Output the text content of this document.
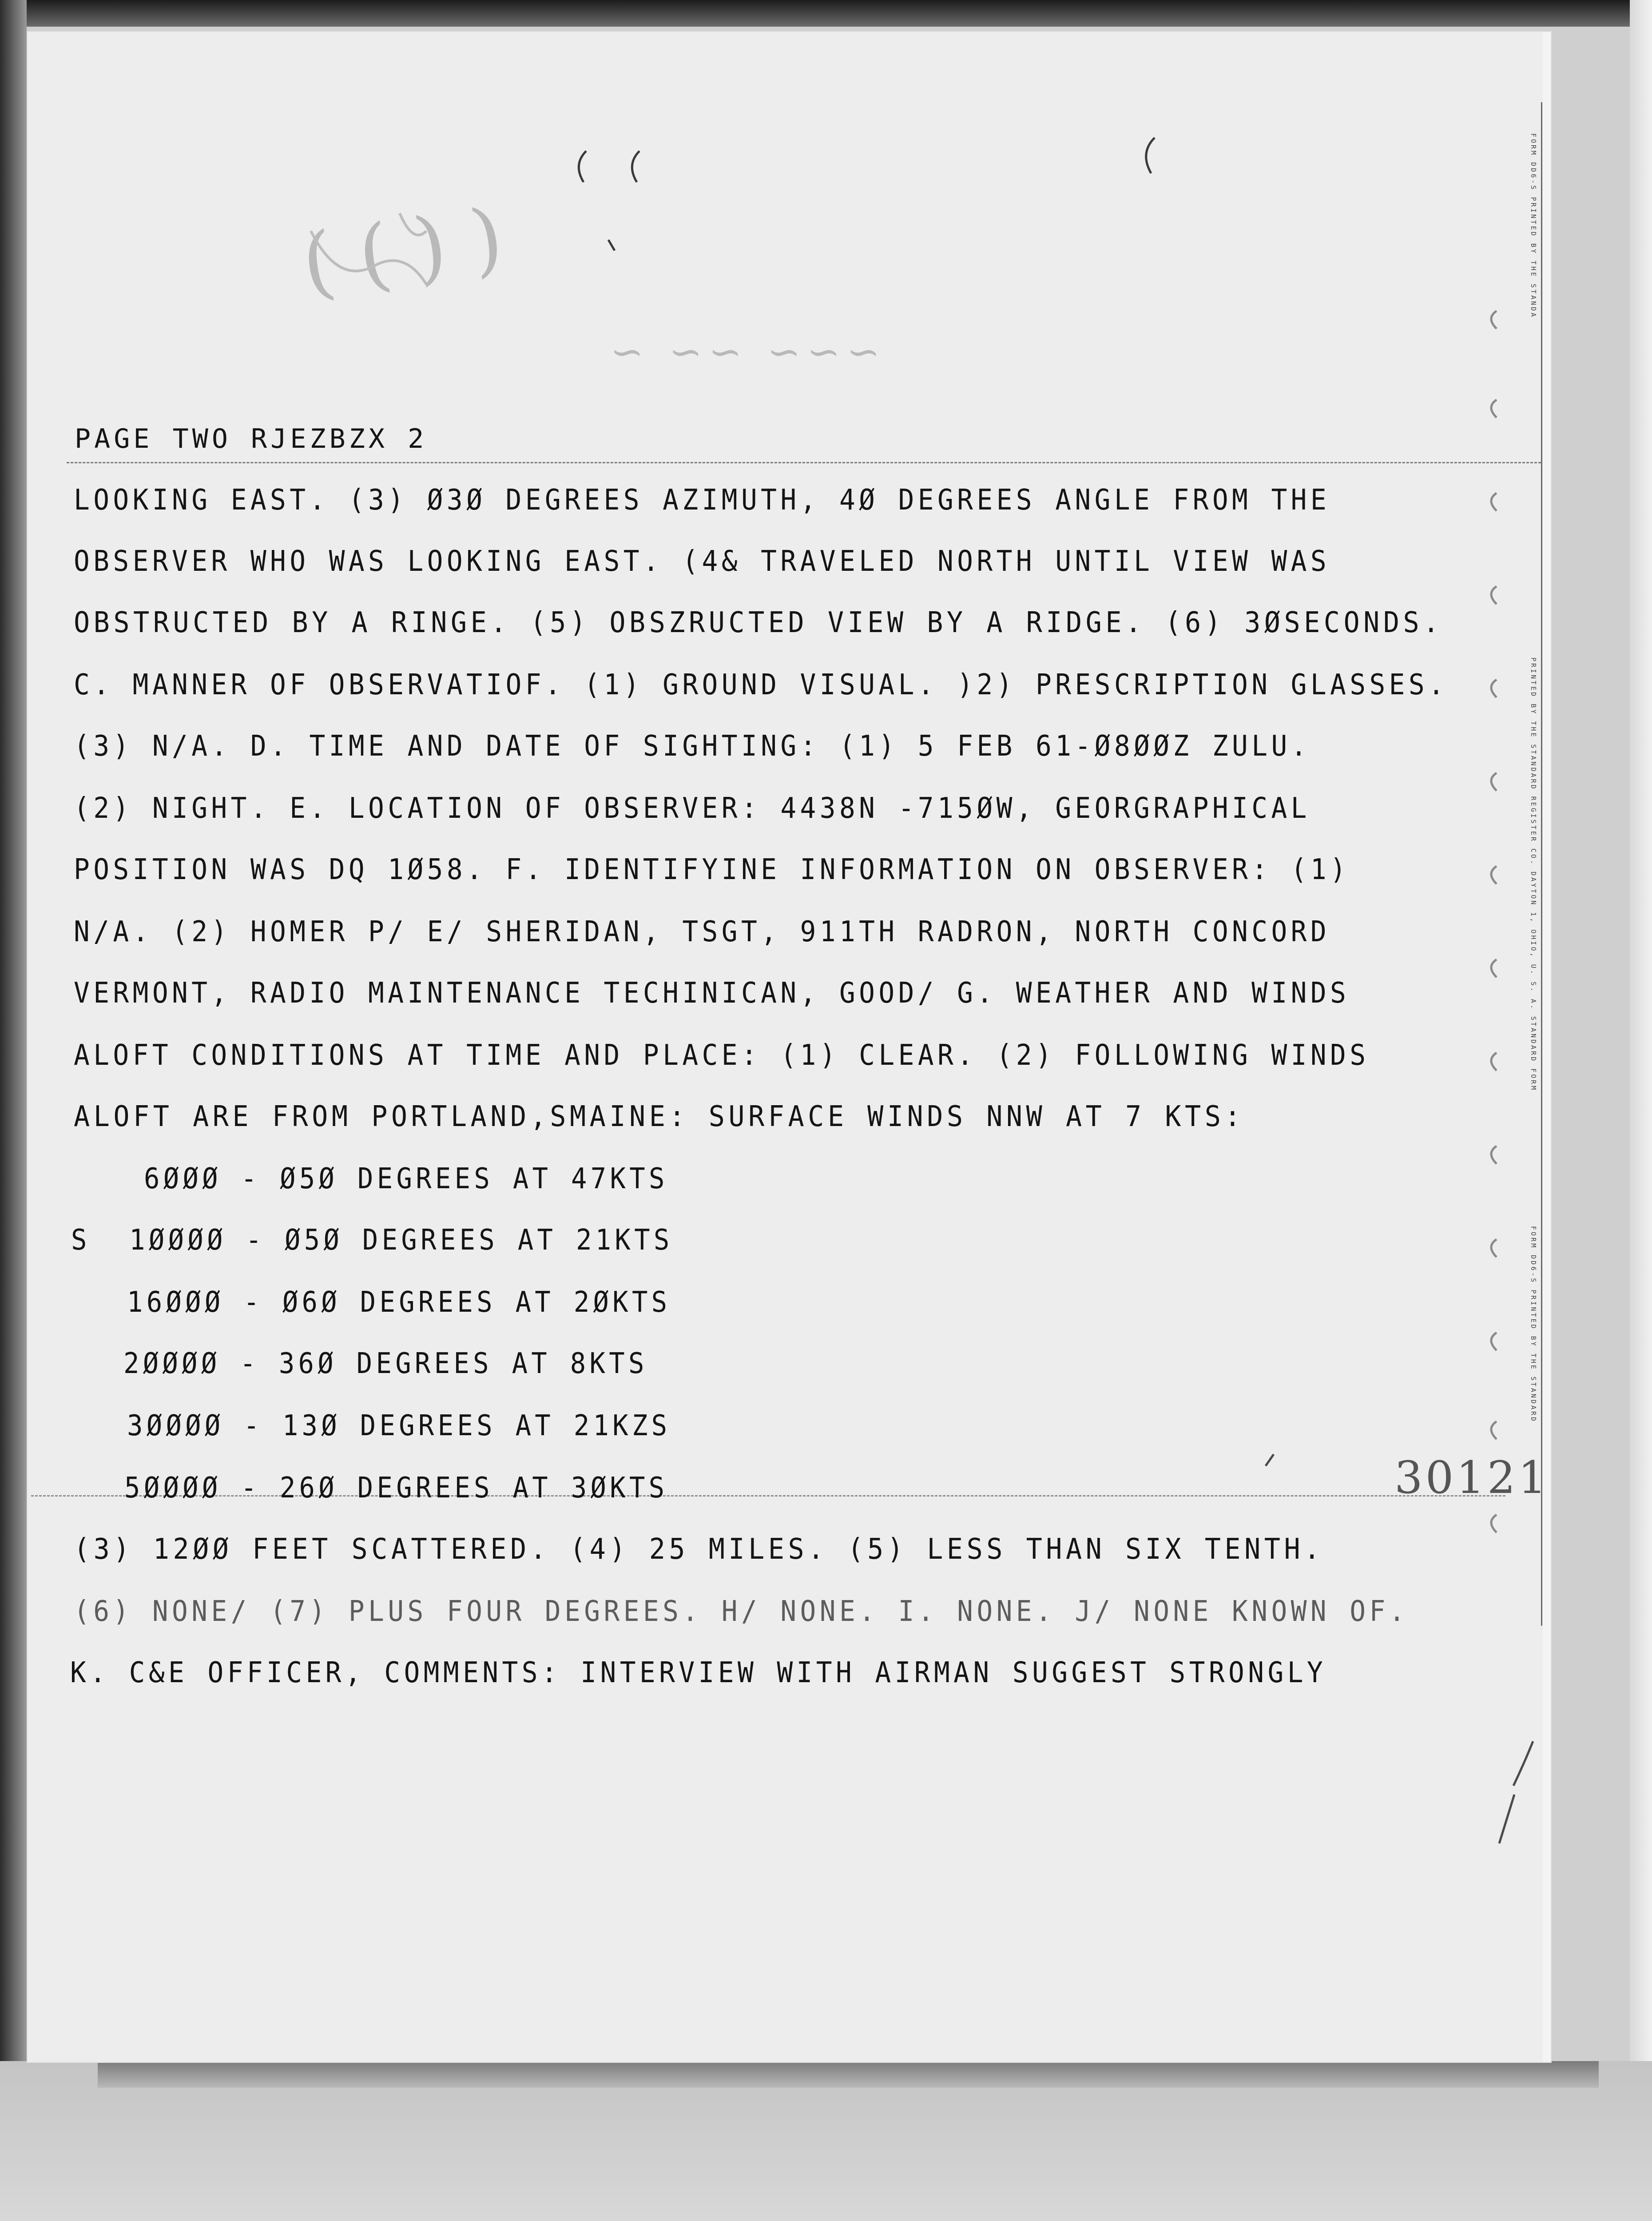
( ( ) )
~~~ ~~ ~
PAGE TWO RJEZBZX 2
LOOKING EAST. (3) Ø3Ø DEGREES AZIMUTH, 4Ø DEGREES ANGLE FROM THE
OBSERVER WHO WAS LOOKING EAST. (4& TRAVELED NORTH UNTIL VIEW WAS
OBSTRUCTED BY A RINGE. (5) OBSZRUCTED VIEW BY A RIDGE. (6) 3ØSECONDS.
C. MANNER OF OBSERVATIOF. (1) GROUND VISUAL. )2) PRESCRIPTION GLASSES.
(3) N/A. D. TIME AND DATE OF SIGHTING: (1) 5 FEB 61-Ø8ØØZ ZULU.
(2) NIGHT. E. LOCATION OF OBSERVER: 4438N -715ØW, GEORGRAPHICAL
POSITION WAS DQ 1Ø58. F. IDENTIFYINE INFORMATION ON OBSERVER: (1)
N/A. (2) HOMER P/ E/ SHERIDAN, TSGT, 911TH RADRON, NORTH CONCORD
VERMONT, RADIO MAINTENANCE TECHINICAN, GOOD/ G. WEATHER AND WINDS
ALOFT CONDITIONS AT TIME AND PLACE: (1) CLEAR. (2) FOLLOWING WINDS
ALOFT ARE FROM PORTLAND,SMAINE: SURFACE WINDS NNW AT 7 KTS:
6ØØØ - Ø5Ø DEGREES AT 47KTS
S  1ØØØØ - Ø5Ø DEGREES AT 21KTS
16ØØØ - Ø6Ø DEGREES AT 2ØKTS
2ØØØØ - 36Ø DEGREES AT 8KTS
3ØØØØ - 13Ø DEGREES AT 21KZS
5ØØØØ - 26Ø DEGREES AT 3ØKTS
(3) 12ØØ FEET SCATTERED. (4) 25 MILES. (5) LESS THAN SIX TENTH.
(6) NONE/ (7) PLUS FOUR DEGREES. H/ NONE. I. NONE. J/ NONE KNOWN OF.
K. C&E OFFICER, COMMENTS: INTERVIEW WITH AIRMAN SUGGEST STRONGLY
30121
FORM DD6-S PRINTED BY THE STANDA
PRINTED BY THE STANDARD REGISTER CO. DAYTON 1, OHIO, U. S. A. STANDARD FORM
FORM DD6-S PRINTED BY THE STANDARD
